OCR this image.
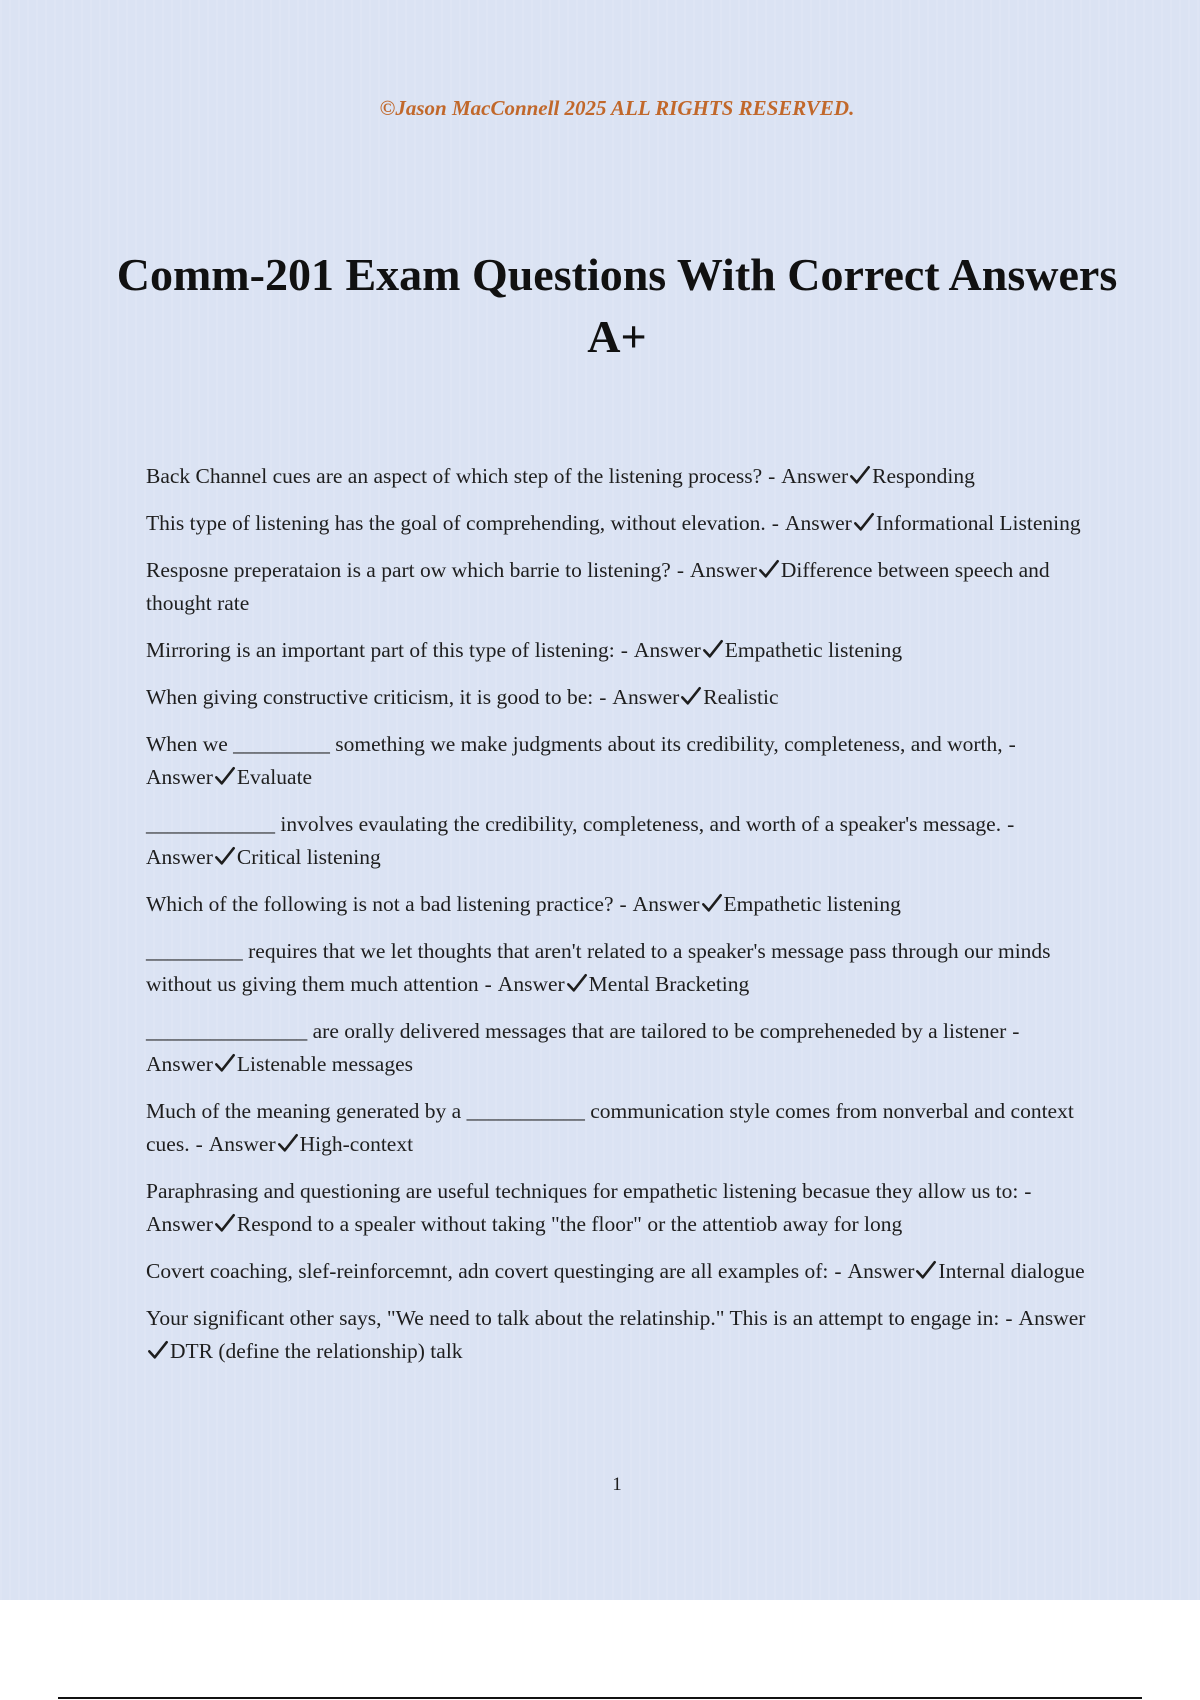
©Jason MacConnell 2025 ALL RIGHTS RESERVED.

Comm-201 Exam Questions With Correct Answers A+
Back Channel cues are an aspect of which step of the listening process? - Answer Responding
This type of listening has the goal of comprehending, without elevation. - Answer Informational Listening
Resposne preperataion is a part ow which barrie to listening? - Answer Difference between speech and thought rate
Mirroring is an important part of this type of listening: - Answer Empathetic listening
When giving constructive criticism, it is good to be: - Answer Realistic
When we _________ something we make judgments about its credibility, completeness, and worth, -Answer Evaluate
____________ involves evaulating the credibility, completeness, and worth of a speaker's message. -Answer Critical listening
Which of the following is not a bad listening practice? - Answer Empathetic listening
_________ requires that we let thoughts that aren't related to a speaker's message pass through our minds without us giving them much attention - Answer Mental Bracketing
_______________ are orally delivered messages that are tailored to be compreheneded by a listener -Answer Listenable messages
Much of the meaning generated by a ___________ communication style comes from nonverbal and context cues. - Answer High-context
Paraphrasing and questioning are useful techniques for empathetic listening becasue they allow us to: -Answer Respond to a spealer without taking "the floor" or the attentiob away for long
Covert coaching, slef-reinforcemnt, adn covert questinging are all examples of: - Answer Internal dialogue
Your significant other says, "We need to talk about the relatinship." This is an attempt to engage in: - AnswerDTR (define the relationship) talk

1
